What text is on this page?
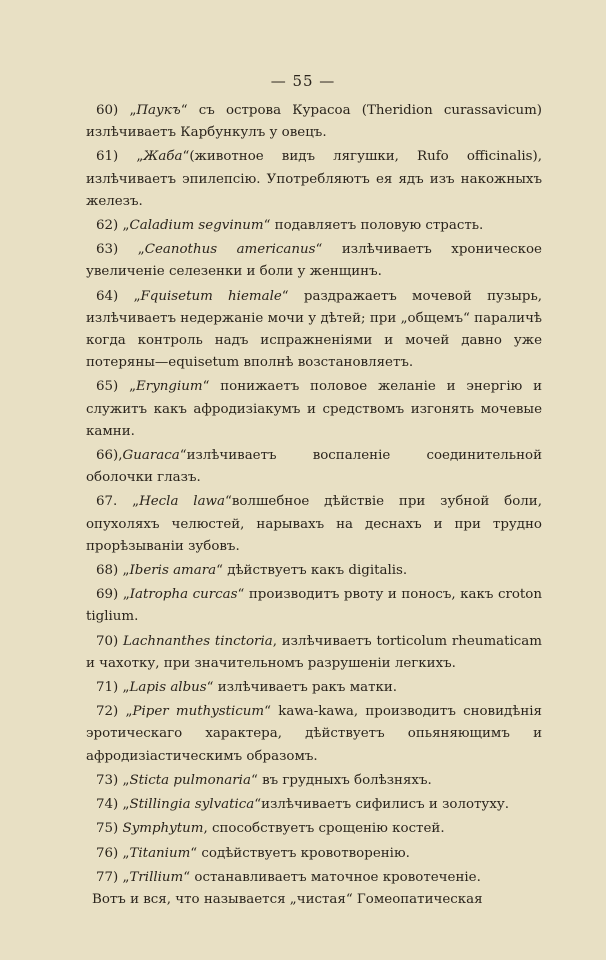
— 55 —

60) „Паукъ“ съ острова Курасоа (Theridion curassavicum) излѣчиваетъ Карбункулъ у овецъ.

61) „Жаба“(животное видъ лягушки, Rufo officinalis), излѣчиваетъ эпилепсію. Употребляютъ ея ядъ изъ накожныхъ железъ.

62) „Caladium segvinum“ подавляетъ половую страсть.

63) „Ceanothus americanus“ излѣчиваетъ хроническое увеличеніе селезенки и боли у женщинъ.

64) „Fquisetum hiemale“ раздражаетъ мочевой пузырь, излѣчиваетъ недержаніе мочи у дѣтей; при „общемъ“ параличѣ когда контроль надъ испражненіями и мочей давно уже потеряны—equisetum вполнѣ возстановляетъ.

65) „Eryngium“ понижаетъ половое желаніе и энергію и служитъ какъ афродизіакумъ и средствомъ изгонять мочевые камни.

66),Guaraca“излѣчиваетъ воспаленіе соединительной оболочки глазъ.

67. „Hecla lawa“волшебное дѣйствіе при зубной боли, опухоляхъ челюстей, нарывахъ на деснахъ и при трудно прорѣзываніи зубовъ.

68) „Iberis amara“ дѣйствуетъ какъ digitalis.

69) „Iatropha curcas“ производитъ рвоту и поносъ, какъ croton tiglium.

70) Lachnanthes tinctoria, излѣчиваетъ torticolum rheumaticam и чахотку, при значительномъ разрушеніи легкихъ.

71) „Lapis albus“ излѣчиваетъ ракъ матки.

72) „Piper muthysticum“ kawa-kawa, производитъ сновидѣнія эротическаго характера, дѣйствуетъ опьяняющимъ и афродизіастическимъ образомъ.

73) „Sticta pulmonaria“ въ грудныхъ болѣзняхъ.

74) „Stillingia sylvatica“излѣчиваетъ сифилисъ и золотуху.

75) Symphytum, способствуетъ срощенію костей.

76) „Titanium“ содѣйствуетъ кровотворенію.

77) „Trillium“ останавливаетъ маточное кровотеченіе.

Вотъ и вся, что называется „чистая“ Гомеопатическая
